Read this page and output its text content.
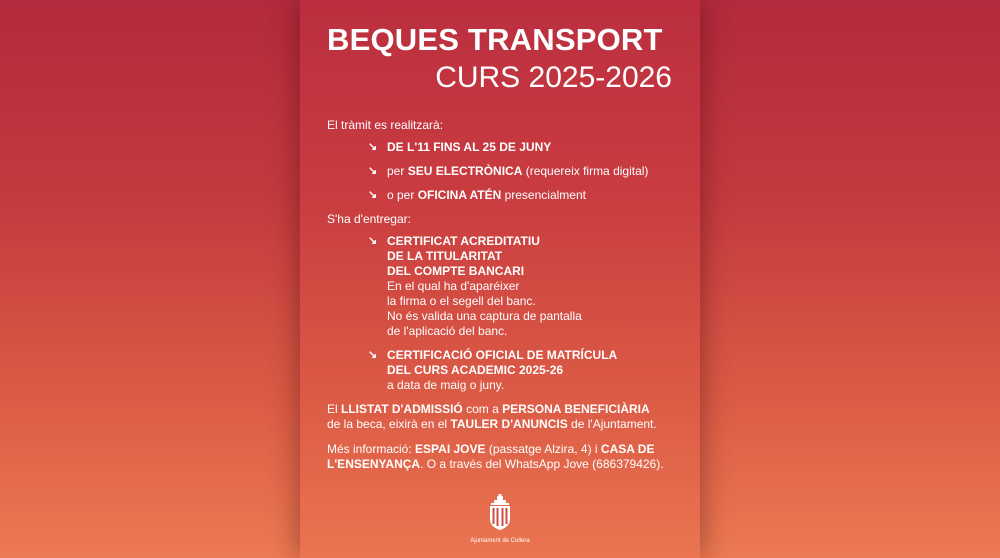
BEQUES TRANSPORT
CURS 2025-2026

El tràmit es realitzarà:

↘ DE L'11 FINS AL 25 DE JUNY
↘ per SEU ELECTRÒNICA (requereix firma digital)
↘ o per OFICINA ATÉN presencialment

S'ha d'entregar:

↘ CERTIFICAT ACREDITATIU
DE LA TITULARITAT
DEL COMPTE BANCARI
En el qual ha d'aparéixer
la firma o el segell del banc.
No és valida una captura de pantalla
de l'aplicació del banc.
↘ CERTIFICACIÓ OFICIAL DE MATRÍCULA
DEL CURS ACADEMIC 2025-26
a data de maig o juny.

El LLISTAT D'ADMISSIÓ com a PERSONA BENEFICIÀRIA
de la beca, eixirà en el TAULER D'ANUNCIS de l'Ajuntament.

Més informació: ESPAI JOVE (passatge Alzira, 4) i CASA DE
L'ENSENYANÇA. O a través del WhatsApp Jove (686379426).

Ajuntament de Cullera
